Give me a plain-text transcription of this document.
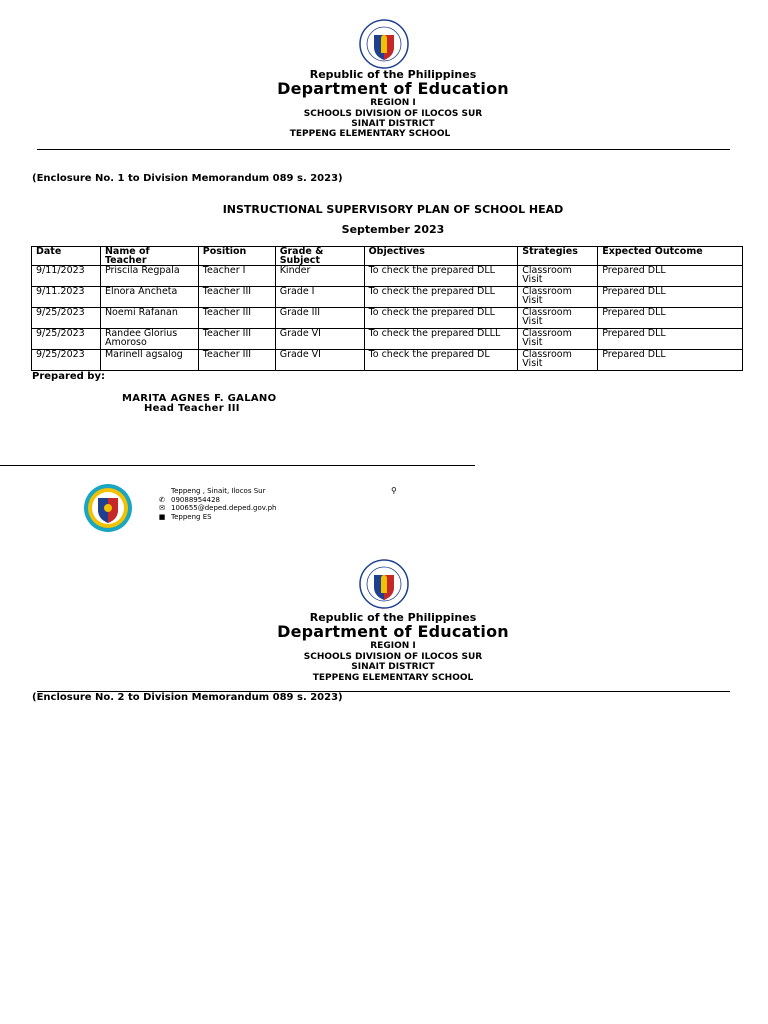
Republic of the Philippines
Department of Education
REGION I
SCHOOLS DIVISION OF ILOCOS SUR
SINAIT DISTRICT
TEPPENG ELEMENTARY SCHOOL
(Enclosure No. 1 to Division Memorandum 089 s. 2023)
INSTRUCTIONAL SUPERVISORY PLAN OF SCHOOL HEAD
September 2023
Date	Name of Teacher	Position	Grade & Subject	Objectives	Strategies	Expected Outcome
9/11/2023	Priscila Regpala	Teacher I	Kinder	To check the prepared DLL	Classroom Visit	Prepared DLL
9/11.2023	Elnora Ancheta	Teacher III	Grade I	To check the prepared DLL	Classroom Visit	Prepared DLL
9/25/2023	Noemi Rafanan	Teacher III	Grade III	To check the prepared DLL	Classroom Visit	Prepared DLL
9/25/2023	Randee Glorius Amoroso	Teacher III	Grade VI	To check the prepared DLLL	Classroom Visit	Prepared DLL
9/25/2023	Marinell agsalog	Teacher III	Grade VI	To check the prepared DL	Classroom Visit	Prepared DLL
Prepared by:
MARITA AGNES F. GALANO
Head Teacher III
Teppeng , Sinait, Ilocos Sur
✆ 09088954428
✉ 100655@deped.deped.gov.ph
■ Teppeng ES
⚲
Republic of the Philippines
Department of Education
REGION I
SCHOOLS DIVISION OF ILOCOS SUR
SINAIT DISTRICT
TEPPENG ELEMENTARY SCHOOL
(Enclosure No. 2 to Division Memorandum 089 s. 2023)
